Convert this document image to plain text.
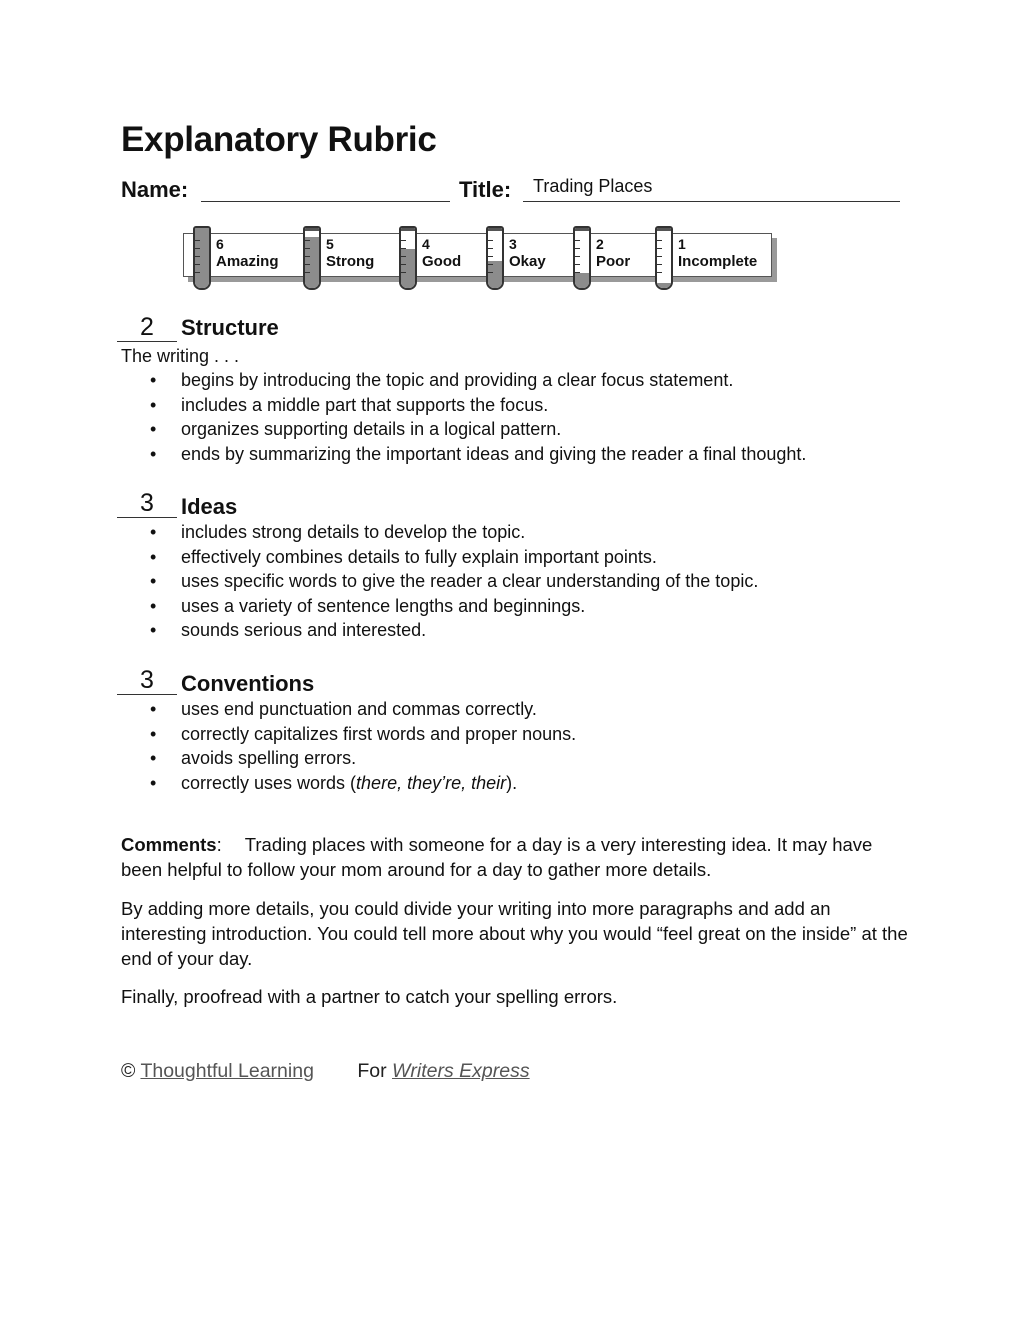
Explanatory Rubric
Name:	Title: Trading Places
6
Amazing
5
Strong
4
Good
3
Okay
2
Poor
1
Incomplete
2	Structure
The writing . . .
• begins by introducing the topic and providing a clear focus statement.
• includes a middle part that supports the focus.
• organizes supporting details in a logical pattern.
• ends by summarizing the important ideas and giving the reader a final thought.
3	Ideas
• includes strong details to develop the topic.
• effectively combines details to fully explain important points.
• uses specific words to give the reader a clear understanding of the topic.
• uses a variety of sentence lengths and beginnings.
• sounds serious and interested.
3	Conventions
• uses end punctuation and commas correctly.
• correctly capitalizes first words and proper nouns.
• avoids spelling errors.
• correctly uses words (there, they’re, their).

Comments: Trading places with someone for a day is a very interesting idea. It may have been helpful to follow your mom around for a day to gather more details.

By adding more details, you could divide your writing into more paragraphs and add an interesting introduction. You could tell more about why you would “feel great on the inside” at the end of your day.

Finally, proofread with a partner to catch your spelling errors.

© Thoughtful Learning For Writers Express
